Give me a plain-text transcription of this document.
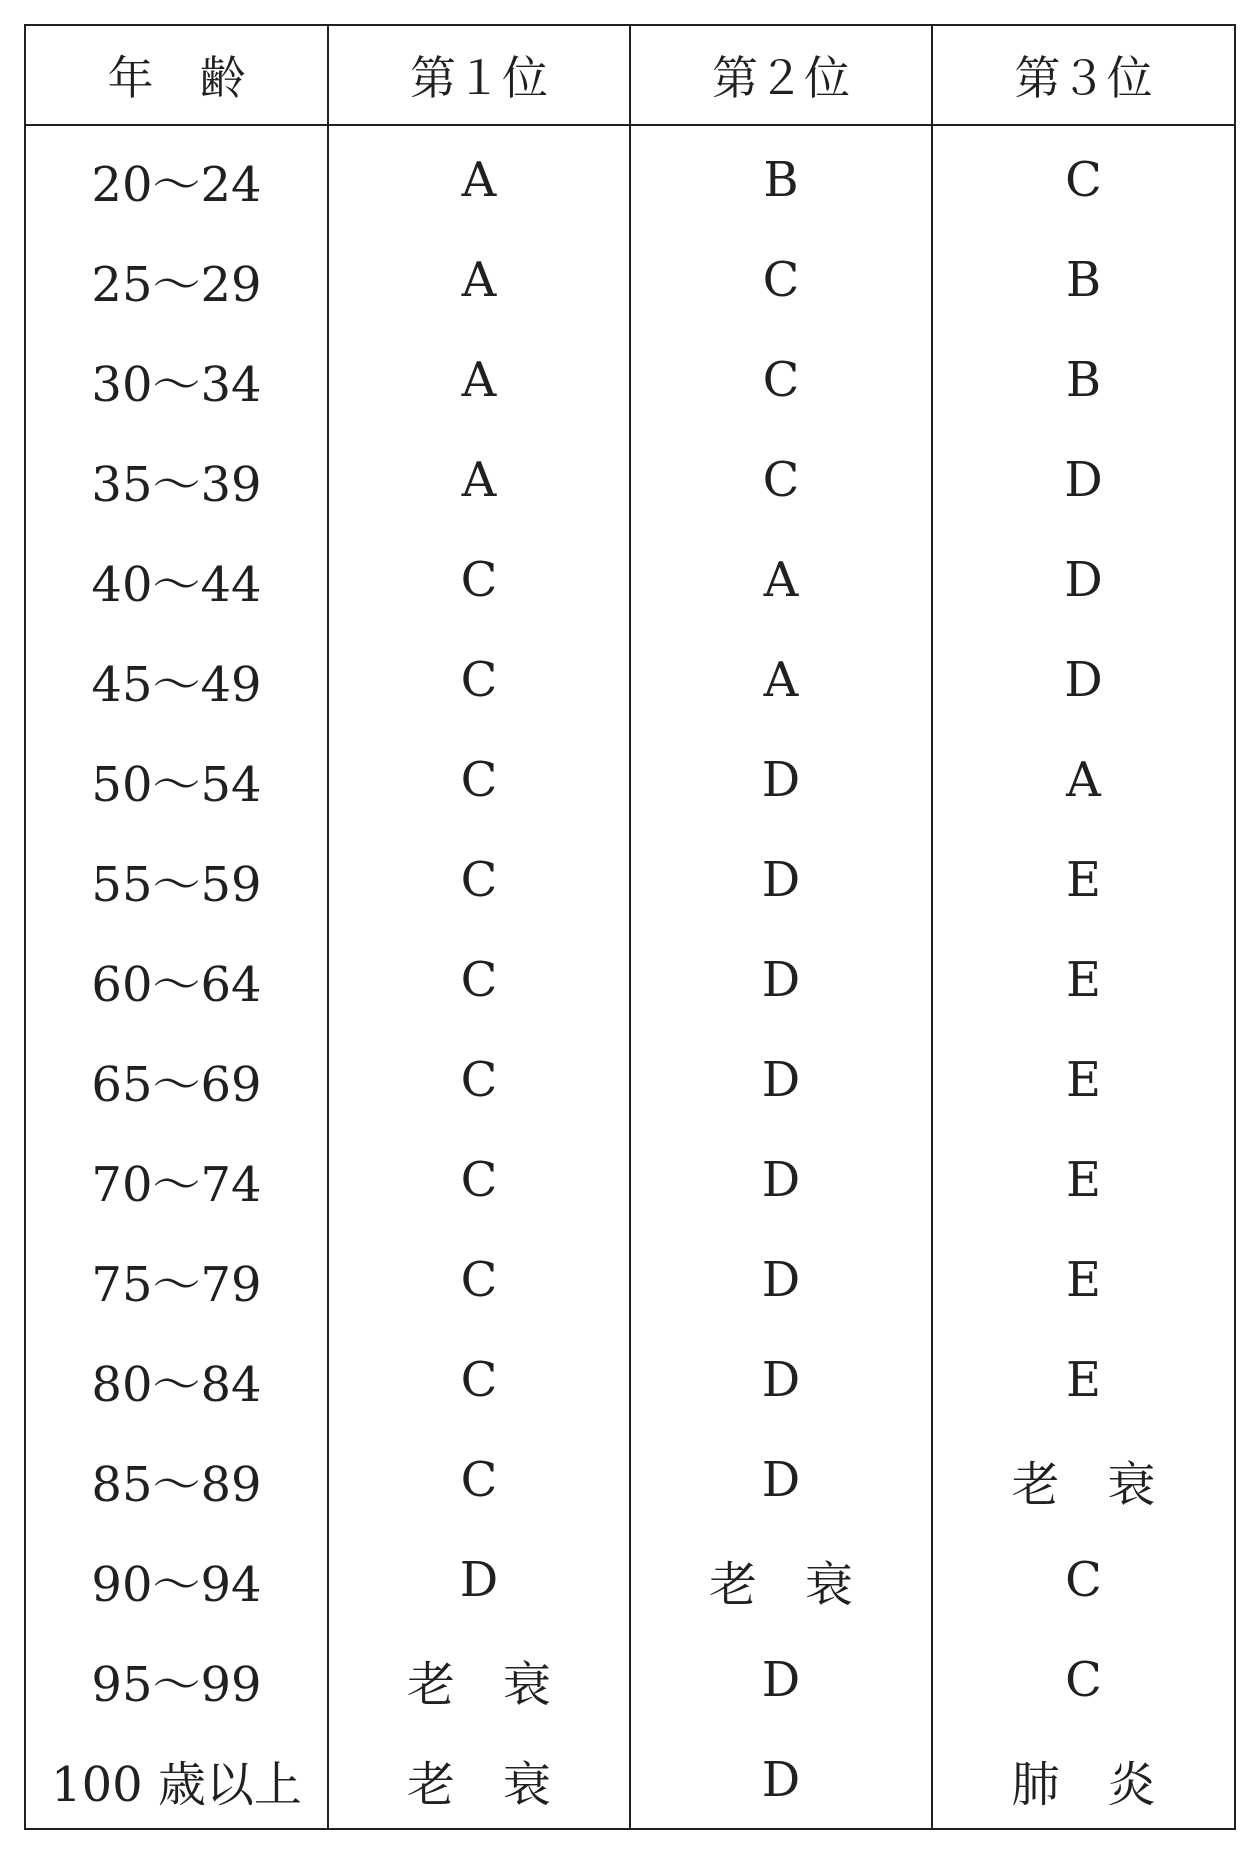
年　齢	第１位	第２位	第３位
20〜24	A	B	C
25〜29	A	C	B
30〜34	A	C	B
35〜39	A	C	D
40〜44	C	A	D
45〜49	C	A	D
50〜54	C	D	A
55〜59	C	D	E
60〜64	C	D	E
65〜69	C	D	E
70〜74	C	D	E
75〜79	C	D	E
80〜84	C	D	E
85〜89	C	D	老　衰
90〜94	D	老　衰	C
95〜99	老　衰	D	C
100 歳以上	老　衰	D	肺　炎
